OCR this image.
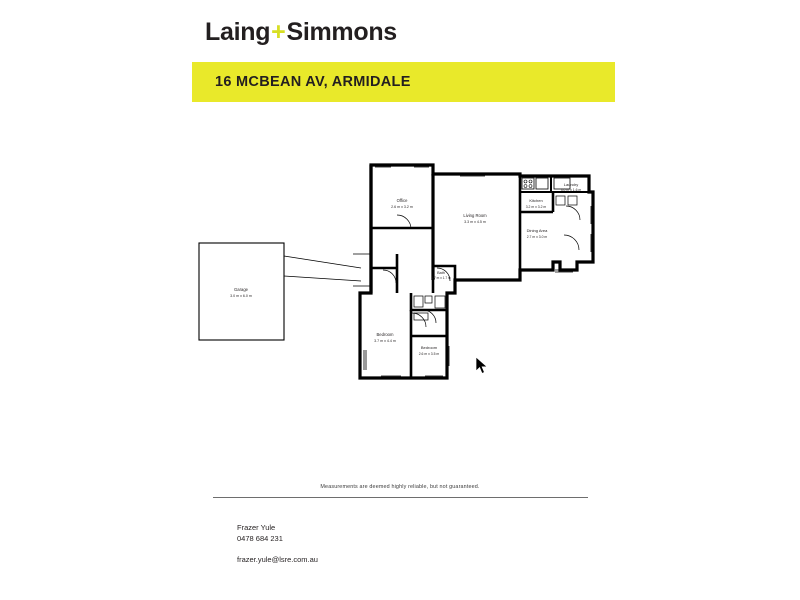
Laing+Simmons
16 MCBEAN AV, ARMIDALE
Garage
3.0 m x 6.0 m
Office
2.6 m x 3.2 m
Living Room
3.3 m x 4.5 m
Kitchen
3.2 m x 3.2 m
Laundry
3.0 m x 1.6 m
Dining Area
2.7 m x 3.0 m
Bath
1.7 m x 1.7 m
Bedroom
3.7 m x 4.4 m
Bedroom
2.6 m x 3.5 m
Measurements are deemed highly reliable, but not guaranteed.
Frazer Yule
0478 684 231
frazer.yule@lsre.com.au
